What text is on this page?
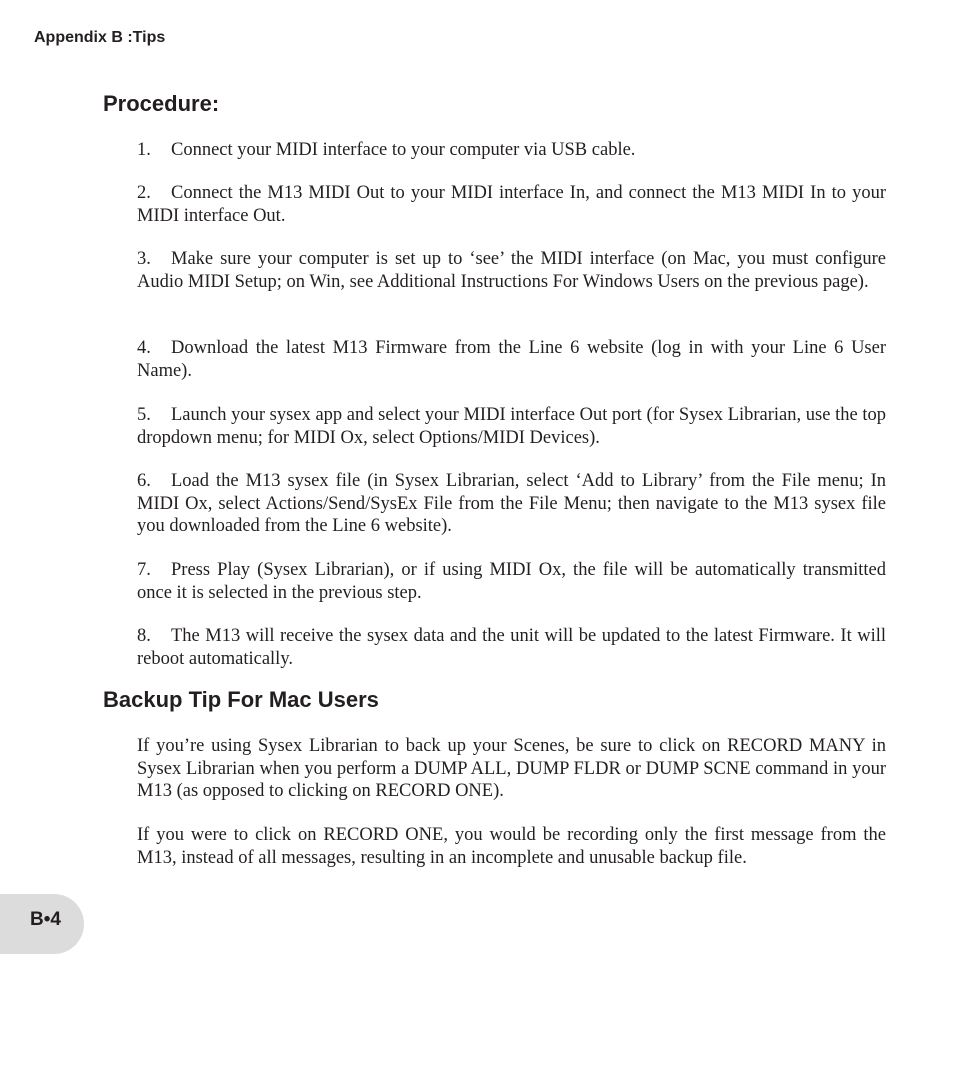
Appendix B :Tips
Procedure:

1. Connect your MIDI interface to your computer via USB cable.

2. Connect the M13 MIDI Out to your MIDI interface In, and connect the M13 MIDI In to your MIDI interface Out.

3. Make sure your computer is set up to ‘see’ the MIDI interface (on Mac, you must configure Audio MIDI Setup; on Win, see Additional Instructions For Windows Users on the previous page).

4. Download the latest M13 Firmware from the Line 6 website (log in with your Line 6 User Name).

5. Launch your sysex app and select your MIDI interface Out port (for Sysex Librarian, use the top dropdown menu; for MIDI Ox, select Options/MIDI Devices).

6. Load the M13 sysex file (in Sysex Librarian, select ‘Add to Library’ from the File menu; In MIDI Ox, select Actions/Send/SysEx File from the File Menu; then navigate to the M13 sysex file you downloaded from the Line 6 website).

7. Press Play (Sysex Librarian), or if using MIDI Ox, the file will be automatically transmitted once it is selected in the previous step.

8. The M13 will receive the sysex data and the unit will be updated to the latest Firmware. It will reboot automatically.

Backup Tip For Mac Users

If you’re using Sysex Librarian to back up your Scenes, be sure to click on RECORD MANY in Sysex Librarian when you perform a DUMP ALL, DUMP FLDR or DUMP SCNE command in your M13 (as opposed to clicking on RECORD ONE).

If you were to click on RECORD ONE, you would be recording only the first message from the M13, instead of all messages, resulting in an incomplete and unusable backup file.

B•4
